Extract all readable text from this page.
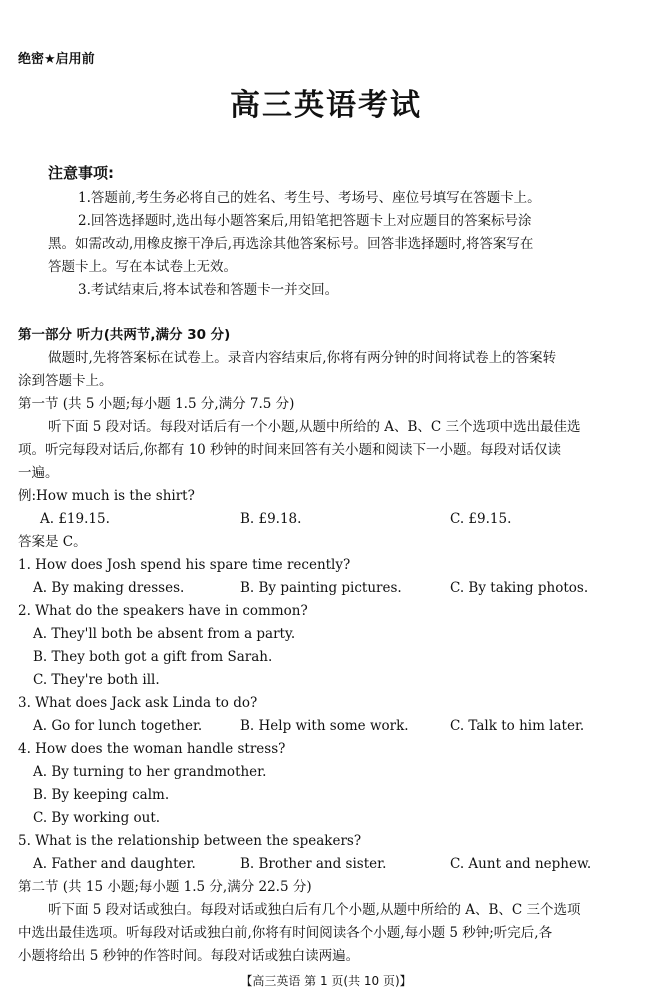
绝密★启用前
高三英语考试
注意事项:
1.答题前,考生务必将自己的姓名、考生号、考场号、座位号填写在答题卡上。
2.回答选择题时,选出每小题答案后,用铅笔把答题卡上对应题目的答案标号涂
黑。如需改动,用橡皮擦干净后,再选涂其他答案标号。回答非选择题时,将答案写在
答题卡上。写在本试卷上无效。
3.考试结束后,将本试卷和答题卡一并交回。
第一部分 听力(共两节,满分 30 分)
做题时,先将答案标在试卷上。录音内容结束后,你将有两分钟的时间将试卷上的答案转
涂到答题卡上。
第一节 (共 5 小题;每小题 1.5 分,满分 7.5 分)
听下面 5 段对话。每段对话后有一个小题,从题中所给的 A、B、C 三个选项中选出最佳选
项。听完每段对话后,你都有 10 秒钟的时间来回答有关小题和阅读下一小题。每段对话仅读
一遍。
例:How much is the shirt?
A. £19.15.	B. £9.18.	C. £9.15.
答案是 C。
1. How does Josh spend his spare time recently?
A. By making dresses.	B. By painting pictures.	C. By taking photos.
2. What do the speakers have in common?
A. They'll both be absent from a party.
B. They both got a gift from Sarah.
C. They're both ill.
3. What does Jack ask Linda to do?
A. Go for lunch together.	B. Help with some work.	C. Talk to him later.
4. How does the woman handle stress?
A. By turning to her grandmother.
B. By keeping calm.
C. By working out.
5. What is the relationship between the speakers?
A. Father and daughter.	B. Brother and sister.	C. Aunt and nephew.
第二节 (共 15 小题;每小题 1.5 分,满分 22.5 分)
听下面 5 段对话或独白。每段对话或独白后有几个小题,从题中所给的 A、B、C 三个选项
中选出最佳选项。听每段对话或独白前,你将有时间阅读各个小题,每小题 5 秒钟;听完后,各
小题将给出 5 秒钟的作答时间。每段对话或独白读两遍。
【高三英语 第 1 页(共 10 页)】
